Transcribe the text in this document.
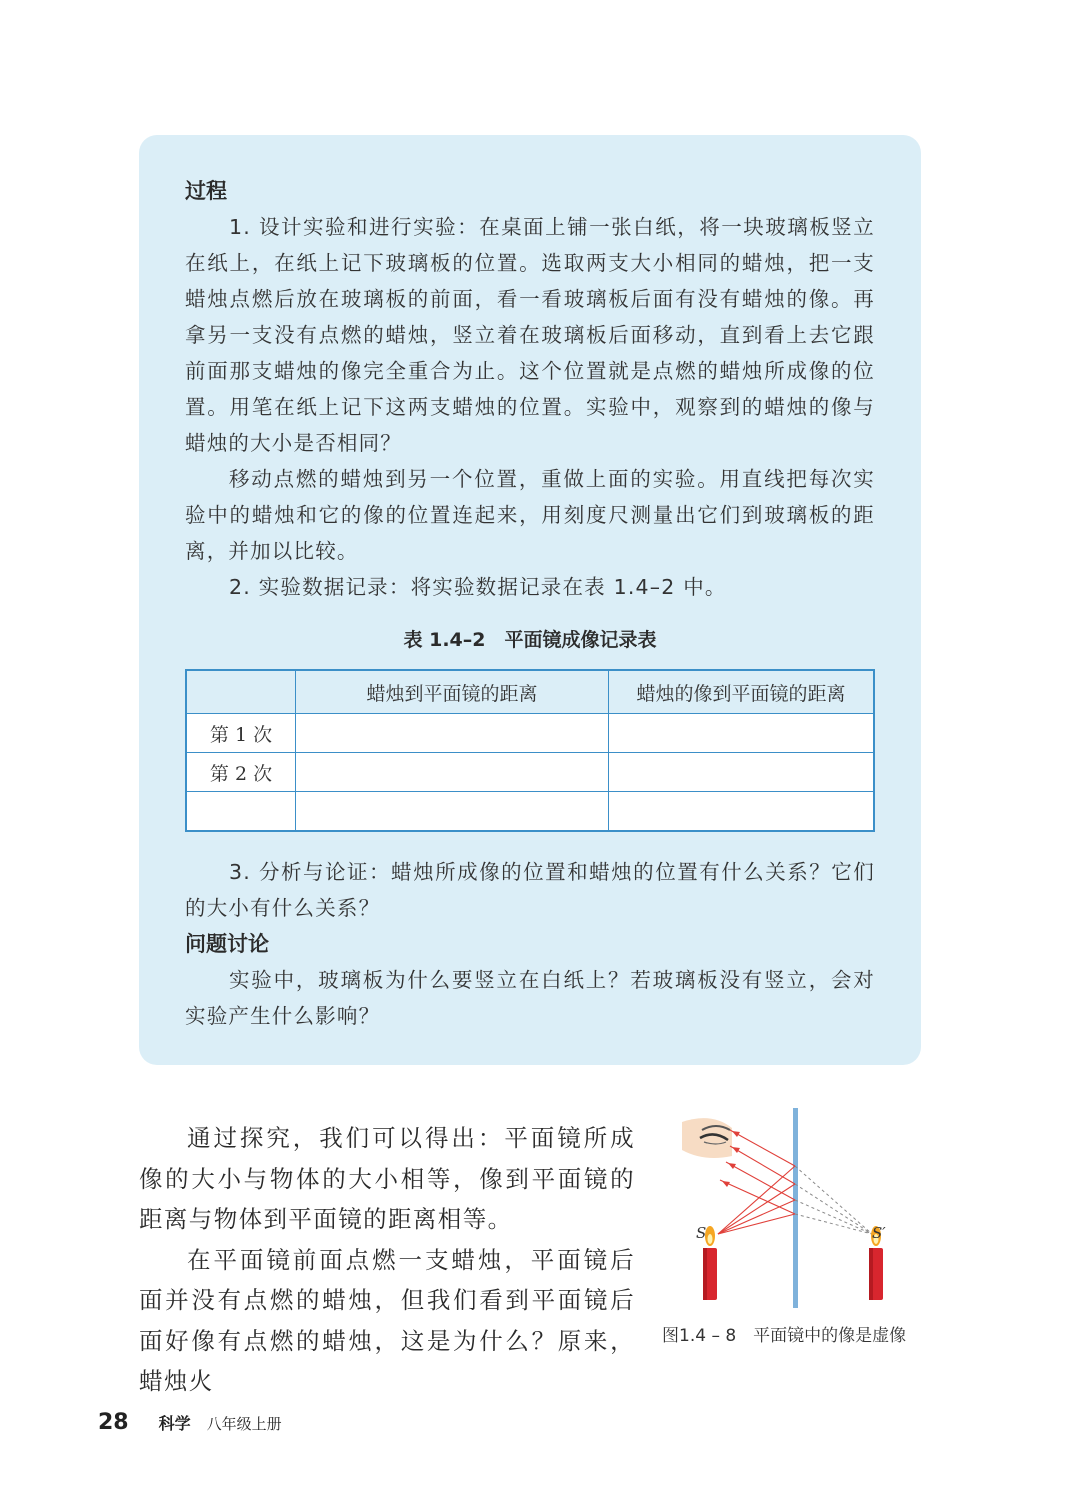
过程

1. 设计实验和进行实验：在桌面上铺一张白纸，将一块玻璃板竖立在纸上，在纸上记下玻璃板的位置。选取两支大小相同的蜡烛，把一支蜡烛点燃后放在玻璃板的前面，看一看玻璃板后面有没有蜡烛的像。再拿另一支没有点燃的蜡烛，竖立着在玻璃板后面移动，直到看上去它跟前面那支蜡烛的像完全重合为止。这个位置就是点燃的蜡烛所成像的位置。用笔在纸上记下这两支蜡烛的位置。实验中，观察到的蜡烛的像与蜡烛的大小是否相同？

移动点燃的蜡烛到另一个位置，重做上面的实验。用直线把每次实验中的蜡烛和它的像的位置连起来，用刻度尺测量出它们到玻璃板的距离，并加以比较。

2. 实验数据记录：将实验数据记录在表 1.4–2 中。

表 1.4–2　平面镜成像记录表
	蜡烛到平面镜的距离	蜡烛的像到平面镜的距离
第 1 次		
第 2 次		

3. 分析与论证：蜡烛所成像的位置和蜡烛的位置有什么关系？它们的大小有什么关系？

问题讨论

实验中，玻璃板为什么要竖立在白纸上？若玻璃板没有竖立，会对实验产生什么影响？

通过探究，我们可以得出：平面镜所成像的大小与物体的大小相等，像到平面镜的距离与物体到平面镜的距离相等。

在平面镜前面点燃一支蜡烛，平面镜后面并没有点燃的蜡烛，但我们看到平面镜后面好像有点燃的蜡烛，这是为什么？原来，蜡烛火

S	S′
图1.4 – 8　平面镜中的像是虚像
28 科学 八年级上册
